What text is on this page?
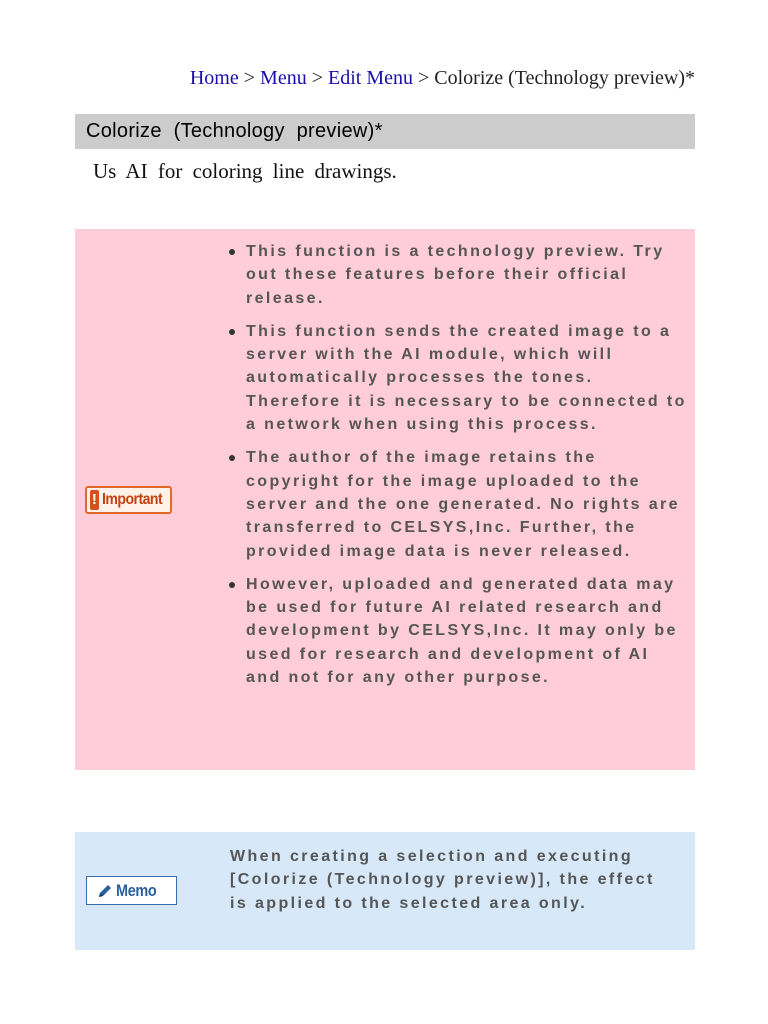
Home > Menu > Edit Menu > Colorize (Technology preview)*
Colorize (Technology preview)*
Us AI for coloring line drawings.
! Important
This function is a technology preview. Try out these features before their official release.
This function sends the created image to a server with the AI module, which will automatically processes the tones. Therefore it is necessary to be connected to a network when using this process.
The author of the image retains the copyright for the image uploaded to the server and the one generated. No rights are transferred to CELSYS,Inc. Further, the provided image data is never released.
However, uploaded and generated data may be used for future AI related research and development by CELSYS,Inc. It may only be used for research and development of AI and not for any other purpose.
Memo
When creating a selection and executing [Colorize (Technology preview)], the effect is applied to the selected area only.
